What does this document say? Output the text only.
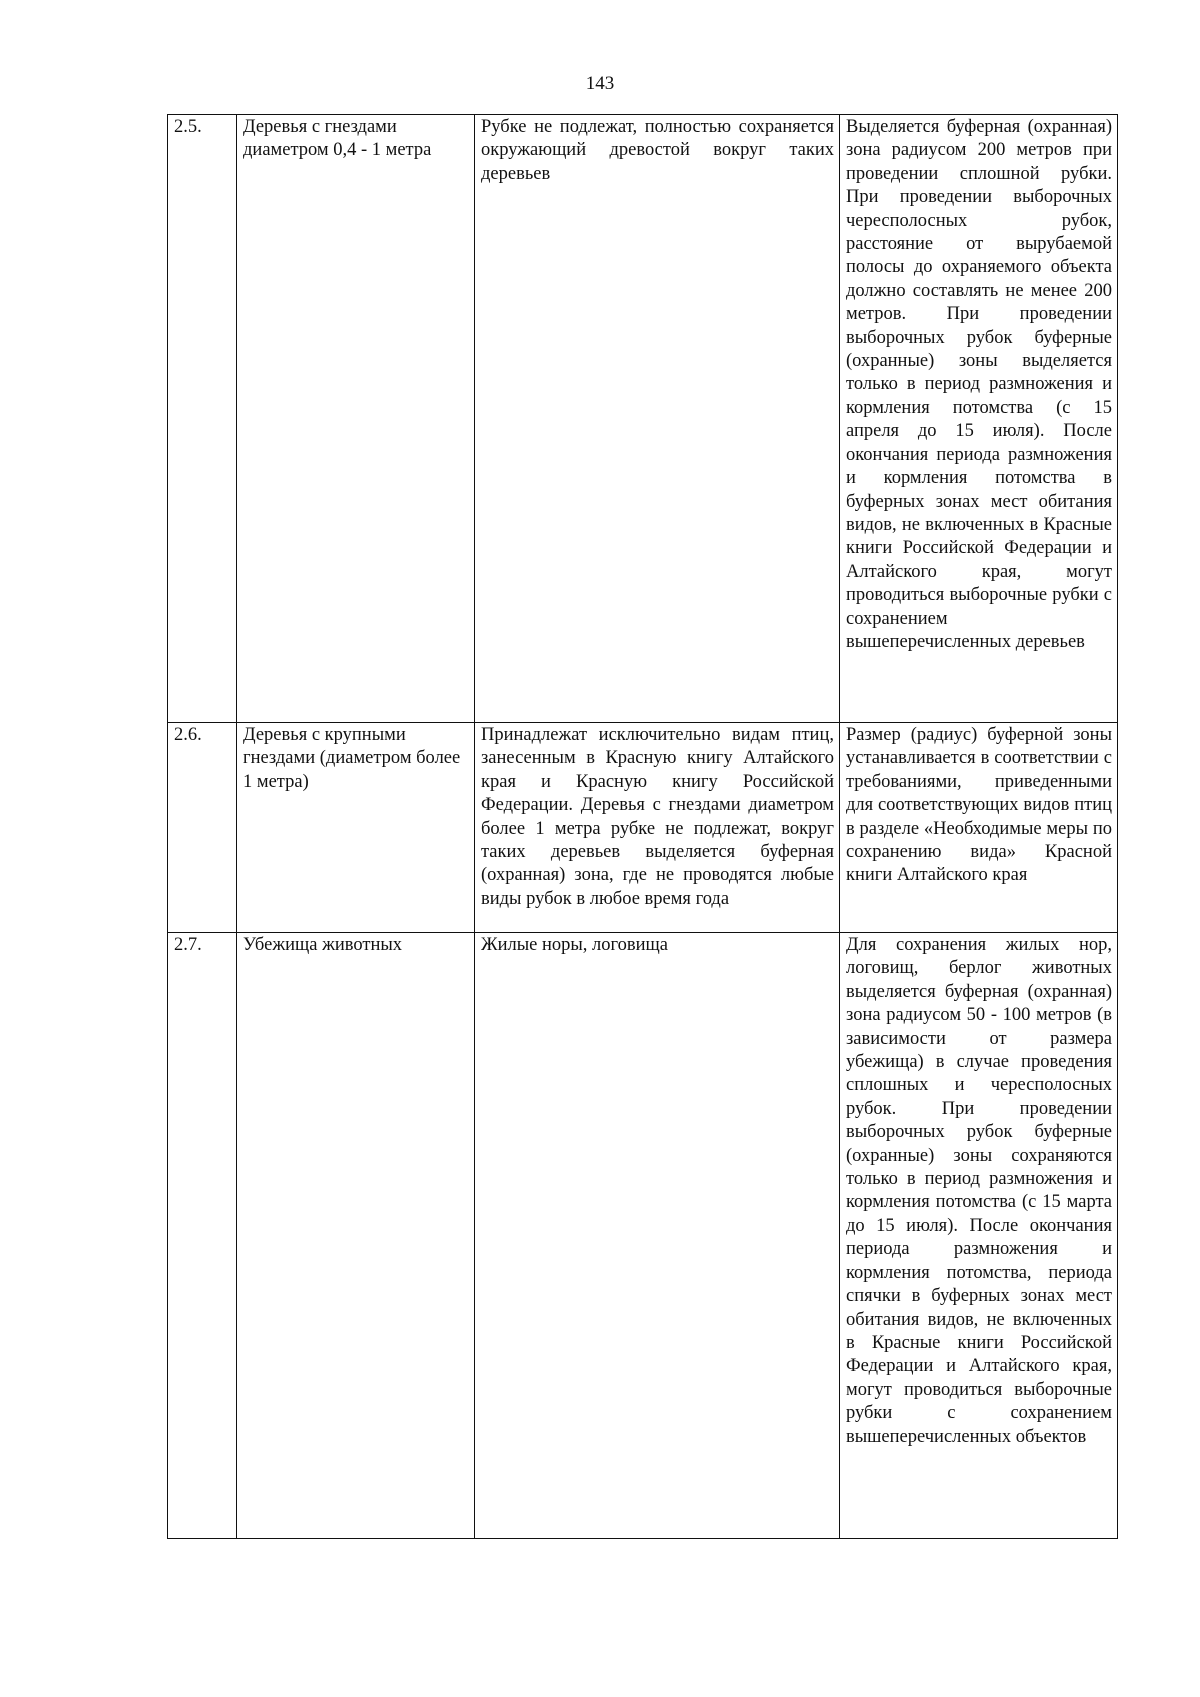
143
2.5.	Деревья с гнездами диаметром 0,4 - 1 метра	Рубке не подлежат, полностью сохраняется окружающий древостой вокруг таких деревьев	Выделяется буферная (охранная) зона радиусом 200 метров при проведении сплошной рубки. При проведении выборочных чересполосных рубок, расстояние от вырубаемой полосы до охраняемого объекта должно составлять не менее 200 метров. При проведении выборочных рубок буферные (охранные) зоны выделяется только в период размножения и кормления потомства (с 15 апреля до 15 июля). После окончания периода размножения и кормления потомства в буферных зонах мест обитания видов, не включенных в Красные книги Российской Федерации и Алтайского края, могут проводиться выборочные рубки с сохранением вышеперечисленных деревьев
2.6.	Деревья с крупными гнездами (диаметром более 1 метра)	Принадлежат исключительно видам птиц, занесенным в Красную книгу Алтайского края и Красную книгу Российской Федерации. Деревья с гнездами диаметром более 1 метра рубке не подлежат, вокруг таких деревьев выделяется буферная (охранная) зона, где не проводятся любые виды рубок в любое время года	Размер (радиус) буферной зоны устанавливается в соответствии с требованиями, приведенными для соответствующих видов птиц в разделе «Необходимые меры по сохранению вида» Красной книги Алтайского края
2.7.	Убежища животных	Жилые норы, логовища	Для сохранения жилых нор, логовищ, берлог животных выделяется буферная (охранная) зона радиусом 50 - 100 метров (в зависимости от размера убежища) в случае проведения сплошных и чересполосных рубок. При проведении выборочных рубок буферные (охранные) зоны сохраняются только в период размножения и кормления потомства (с 15 марта до 15 июля). После окончания периода размножения и кормления потомства, периода спячки в буферных зонах мест обитания видов, не включенных в Красные книги Российской Федерации и Алтайского края, могут проводиться выборочные рубки с сохранением вышеперечисленных объектов
